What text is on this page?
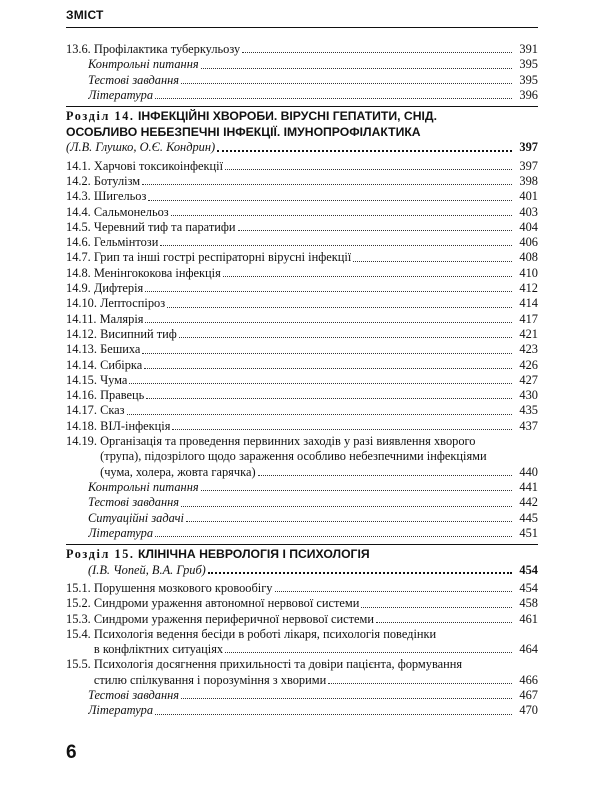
ЗМІСТ
13.6. Профілактика туберкульозу	391
Контрольні питання	395
Тестові завдання	395
Література	396
Розділ 14. ІНФЕКЦІЙНІ ХВОРОБИ. ВІРУСНІ ГЕПАТИТИ, СНІД.
ОСОБЛИВО НЕБЕЗПЕЧНІ ІНФЕКЦІЇ. ІМУНОПРОФІЛАКТИКА
(Л.В. Глушко, О.Є. Кондрин)	397
14.1. Харчові токсикоінфекції	397
14.2. Ботулізм	398
14.3. Шигельоз	401
14.4. Сальмонельоз	403
14.5. Черевний тиф та паратифи	404
14.6. Гельмінтози	406
14.7. Грип та інші гострі респіраторні вірусні інфекції	408
14.8. Менінгококова інфекція	410
14.9. Дифтерія	412
14.10. Лептоспіроз	414
14.11. Малярія	417
14.12. Висипний тиф	421
14.13. Бешиха	423
14.14. Сибірка	426
14.15. Чума	427
14.16. Правець	430
14.17. Сказ	435
14.18. ВІЛ-інфекція	437
14.19. Організація та проведення первинних заходів у разі виявлення хворого
(трупа), підозрілого щодо зараження особливо небезпечними інфекціями
(чума, холера, жовта гарячка)	440
Контрольні питання	441
Тестові завдання	442
Ситуаційні задачі	445
Література	451
Розділ 15. КЛІНІЧНА НЕВРОЛОГІЯ І ПСИХОЛОГІЯ
(І.В. Чопей, В.А. Гриб)	454
15.1. Порушення мозкового кровообігу	454
15.2. Синдроми ураження автономної нервової системи	458
15.3. Синдроми ураження периферичної нервової системи	461
15.4. Психологія ведення бесіди в роботі лікаря, психологія поведінки
в конфліктних ситуаціях	464
15.5. Психологія досягнення прихильності та довіри пацієнта, формування
стилю спілкування і порозуміння з хворими	466
Тестові завдання	467
Література	470
6
